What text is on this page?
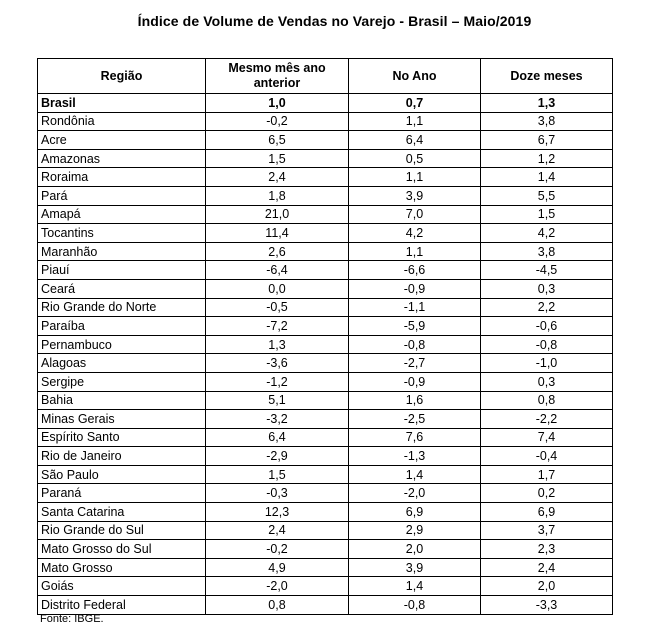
Índice de Volume de Vendas no Varejo - Brasil – Maio/2019
Região	Mesmo mês ano anterior	No Ano	Doze meses
Brasil	1,0	0,7	1,3
Rondônia	-0,2	1,1	3,8
Acre	6,5	6,4	6,7
Amazonas	1,5	0,5	1,2
Roraima	2,4	1,1	1,4
Pará	1,8	3,9	5,5
Amapá	21,0	7,0	1,5
Tocantins	11,4	4,2	4,2
Maranhão	2,6	1,1	3,8
Piauí	-6,4	-6,6	-4,5
Ceará	0,0	-0,9	0,3
Rio Grande do Norte	-0,5	-1,1	2,2
Paraíba	-7,2	-5,9	-0,6
Pernambuco	1,3	-0,8	-0,8
Alagoas	-3,6	-2,7	-1,0
Sergipe	-1,2	-0,9	0,3
Bahia	5,1	1,6	0,8
Minas Gerais	-3,2	-2,5	-2,2
Espírito Santo	6,4	7,6	7,4
Rio de Janeiro	-2,9	-1,3	-0,4
São Paulo	1,5	1,4	1,7
Paraná	-0,3	-2,0	0,2
Santa Catarina	12,3	6,9	6,9
Rio Grande do Sul	2,4	2,9	3,7
Mato Grosso do Sul	-0,2	2,0	2,3
Mato Grosso	4,9	3,9	2,4
Goiás	-2,0	1,4	2,0
Distrito Federal	0,8	-0,8	-3,3
Fonte: IBGE.
